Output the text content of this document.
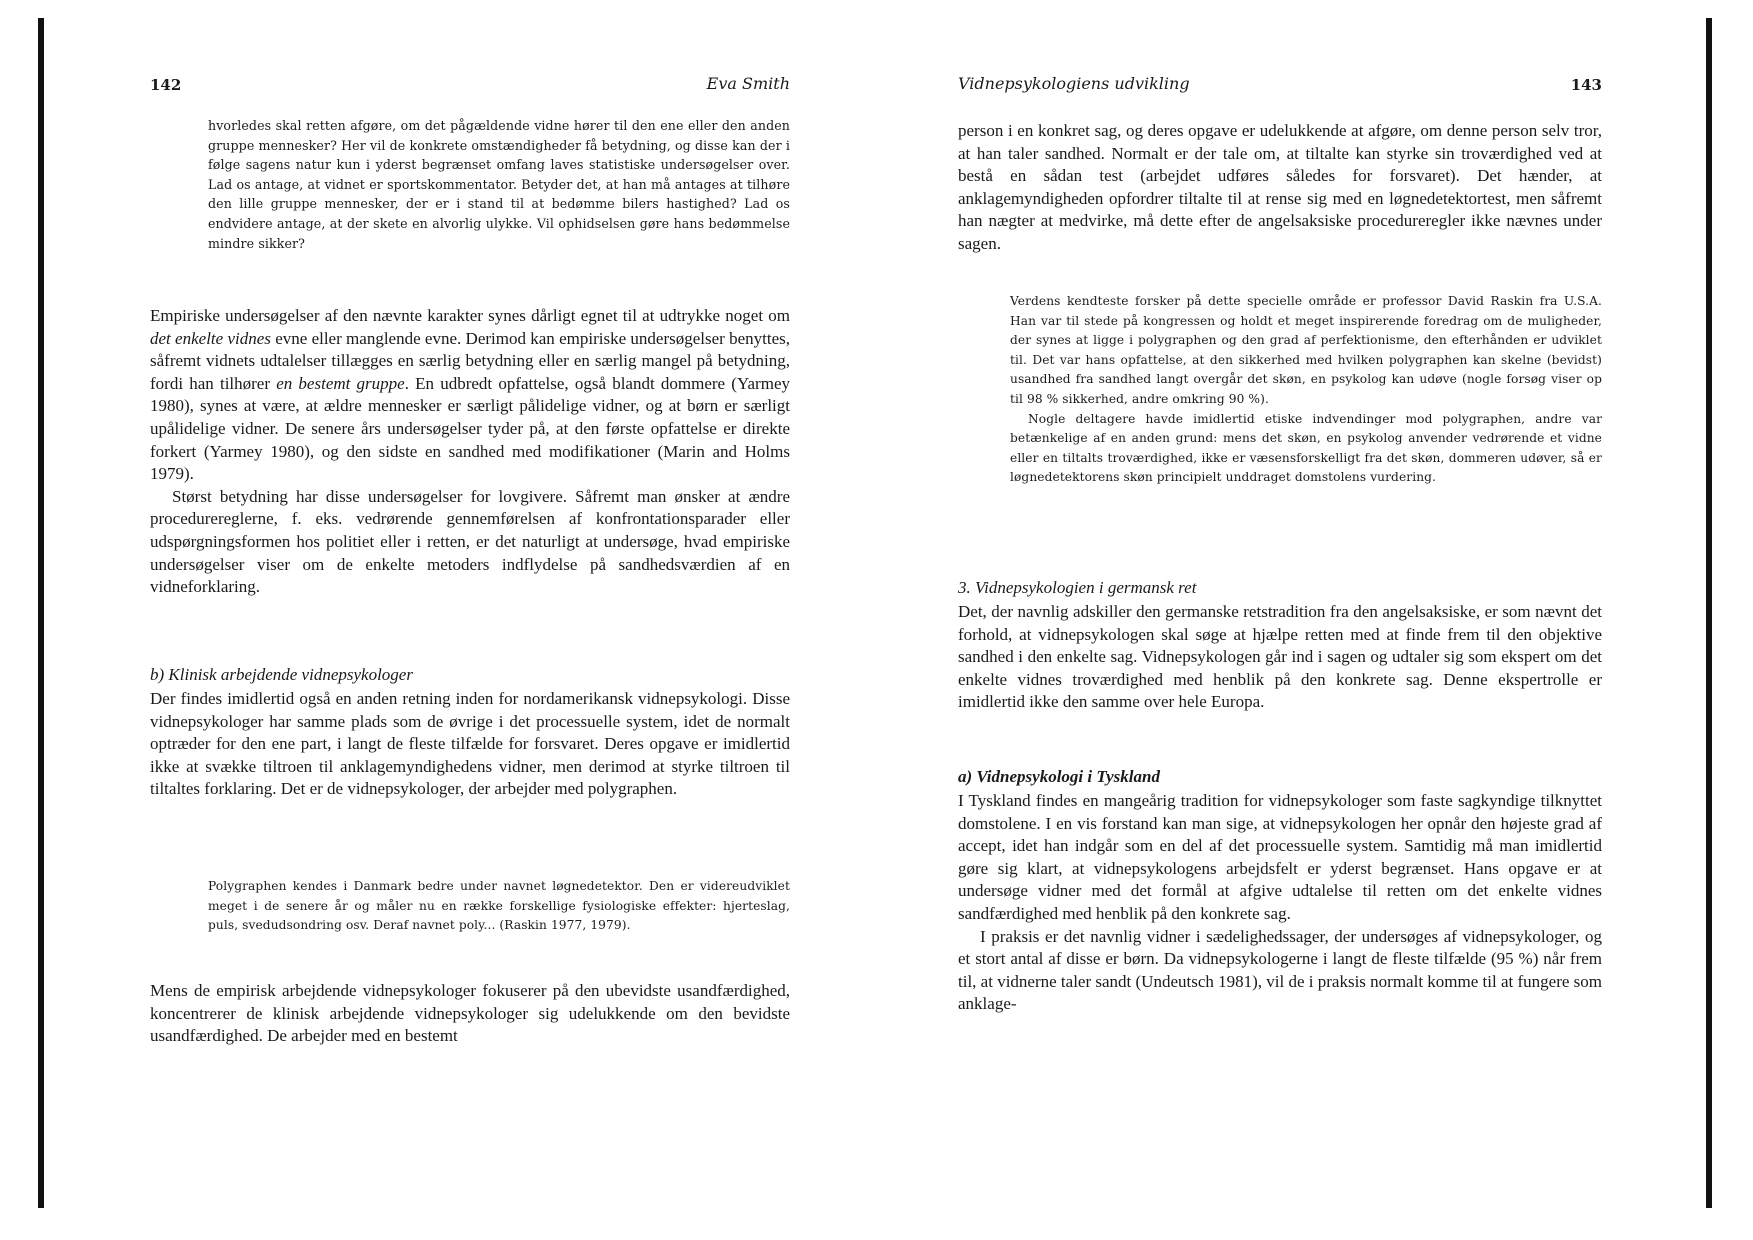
142	Eva Smith

hvorledes skal retten afgøre, om det pågældende vidne hører til den ene eller den anden gruppe mennesker? Her vil de konkrete omstændigheder få betydning, og disse kan der i følge sagens natur kun i yderst begrænset omfang laves statistiske undersøgelser over. Lad os antage, at vidnet er sportskommentator. Betyder det, at han må antages at tilhøre den lille gruppe mennesker, der er i stand til at bedømme bilers hastighed? Lad os endvidere antage, at der skete en alvorlig ulykke. Vil ophidselsen gøre hans bedømmelse mindre sikker?

Empiriske undersøgelser af den nævnte karakter synes dårligt egnet til at udtrykke noget om det enkelte vidnes evne eller manglende evne. Derimod kan empiriske undersøgelser benyttes, såfremt vidnets udtalelser tillægges en særlig betydning eller en særlig mangel på betydning, fordi han tilhører en bestemt gruppe. En udbredt opfattelse, også blandt dommere (Yarmey 1980), synes at være, at ældre mennesker er særligt pålidelige vidner, og at børn er særligt upålidelige vidner. De senere års undersøgelser tyder på, at den første opfattelse er direkte forkert (Yarmey 1980), og den sidste en sandhed med modifikationer (Marin and Holms 1979).

Størst betydning har disse undersøgelser for lovgivere. Såfremt man ønsker at ændre procedurereglerne, f. eks. vedrørende gennemførelsen af konfrontationsparader eller udspørgningsformen hos politiet eller i retten, er det naturligt at undersøge, hvad empiriske undersøgelser viser om de enkelte metoders indflydelse på sandhedsværdien af en vidneforklaring.

b) Klinisk arbejdende vidnepsykologer

Der findes imidlertid også en anden retning inden for nordamerikansk vidnepsykologi. Disse vidnepsykologer har samme plads som de øvrige i det processuelle system, idet de normalt optræder for den ene part, i langt de fleste tilfælde for forsvaret. Deres opgave er imidlertid ikke at svække tiltroen til anklagemyndighedens vidner, men derimod at styrke tiltroen til tiltaltes forklaring. Det er de vidnepsykologer, der arbejder med polygraphen.

Polygraphen kendes i Danmark bedre under navnet løgnedetektor. Den er videreudviklet meget i de senere år og måler nu en række forskellige fysiologiske effekter: hjerteslag, puls, svedudsondring osv. Deraf navnet poly... (Raskin 1977, 1979).

Mens de empirisk arbejdende vidnepsykologer fokuserer på den ubevidste usandfærdighed, koncentrerer de klinisk arbejdende vidnepsykologer sig udelukkende om den bevidste usandfærdighed. De arbejder med en bestemt

Vidnepsykologiens udvikling	143

person i en konkret sag, og deres opgave er udelukkende at afgøre, om denne person selv tror, at han taler sandhed. Normalt er der tale om, at tiltalte kan styrke sin troværdighed ved at bestå en sådan test (arbejdet udføres således for forsvaret). Det hænder, at anklagemyndigheden opfordrer tiltalte til at rense sig med en løgnedetektortest, men såfremt han nægter at medvirke, må dette efter de angelsaksiske procedureregler ikke nævnes under sagen.

Verdens kendteste forsker på dette specielle område er professor David Raskin fra U.S.A. Han var til stede på kongressen og holdt et meget inspirerende foredrag om de muligheder, der synes at ligge i polygraphen og den grad af perfektionisme, den efterhånden er udviklet til. Det var hans opfattelse, at den sikkerhed med hvilken polygraphen kan skelne (bevidst) usandhed fra sandhed langt overgår det skøn, en psykolog kan udøve (nogle forsøg viser op til 98 % sikkerhed, andre omkring 90 %).

Nogle deltagere havde imidlertid etiske indvendinger mod polygraphen, andre var betænkelige af en anden grund: mens det skøn, en psykolog anvender vedrørende et vidne eller en tiltalts troværdighed, ikke er væsensforskelligt fra det skøn, dommeren udøver, så er løgnedetektorens skøn principielt unddraget domstolens vurdering.

3. Vidnepsykologien i germansk ret

Det, der navnlig adskiller den germanske retstradition fra den angelsaksiske, er som nævnt det forhold, at vidnepsykologen skal søge at hjælpe retten med at finde frem til den objektive sandhed i den enkelte sag. Vidnepsykologen går ind i sagen og udtaler sig som ekspert om det enkelte vidnes troværdighed med henblik på den konkrete sag. Denne ekspertrolle er imidlertid ikke den samme over hele Europa.

a) Vidnepsykologi i Tyskland

I Tyskland findes en mangeårig tradition for vidnepsykologer som faste sagkyndige tilknyttet domstolene. I en vis forstand kan man sige, at vidnepsykologen her opnår den højeste grad af accept, idet han indgår som en del af det processuelle system. Samtidig må man imidlertid gøre sig klart, at vidnepsykologens arbejdsfelt er yderst begrænset. Hans opgave er at undersøge vidner med det formål at afgive udtalelse til retten om det enkelte vidnes sandfærdighed med henblik på den konkrete sag.

I praksis er det navnlig vidner i sædelighedssager, der undersøges af vidnepsykologer, og et stort antal af disse er børn. Da vidnepsykologerne i langt de fleste tilfælde (95 %) når frem til, at vidnerne taler sandt (Undeutsch 1981), vil de i praksis normalt komme til at fungere som anklage-
